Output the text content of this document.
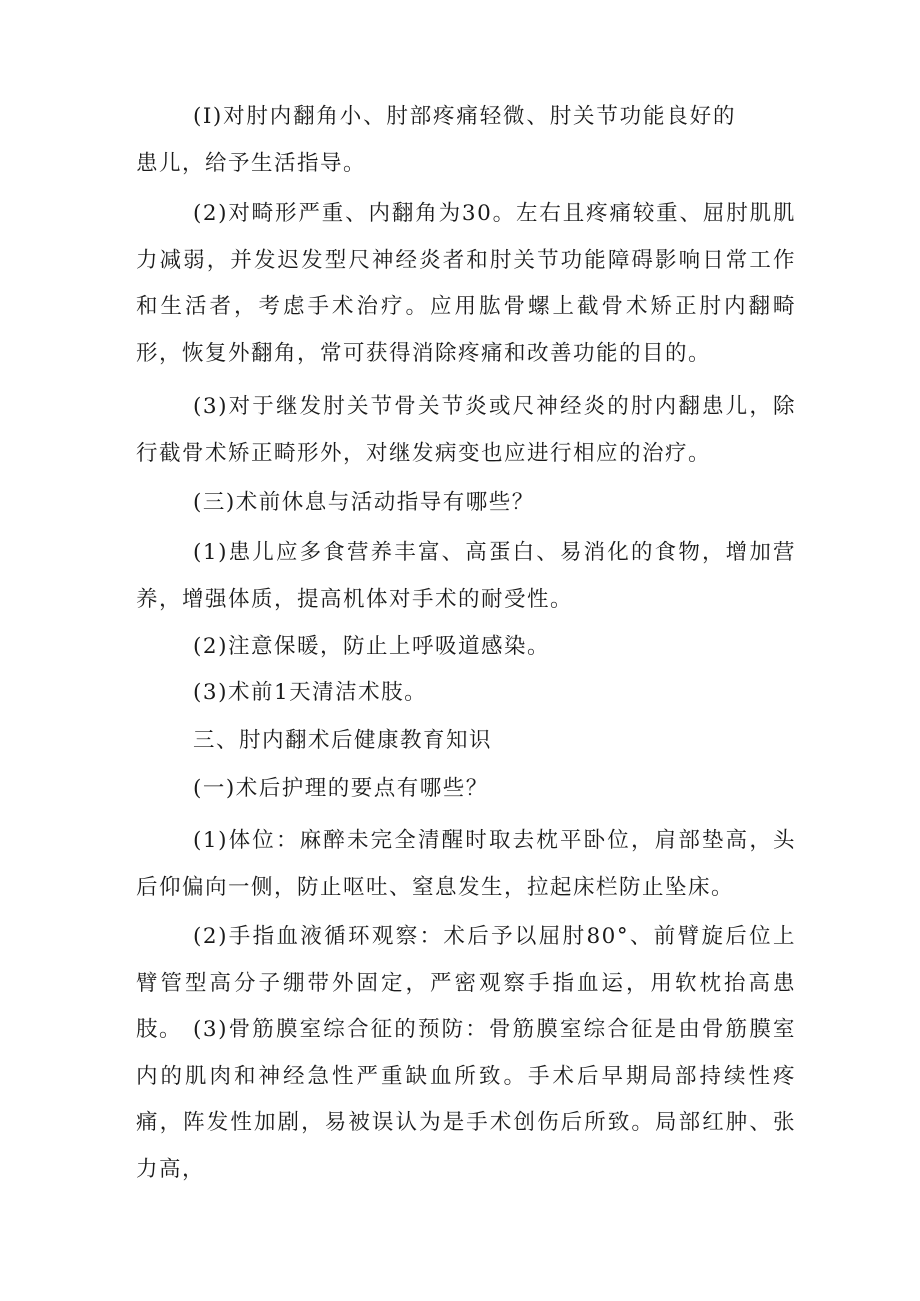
(I)对肘内翻角小、肘部疼痛轻微、肘关节功能良好的患儿，给予生活指导。

(2)对畸形严重、内翻角为30。左右且疼痛较重、屈肘肌肌力减弱，并发迟发型尺神经炎者和肘关节功能障碍影响日常工作和生活者，考虑手术治疗。应用肱骨螺上截骨术矫正肘内翻畸形，恢复外翻角，常可获得消除疼痛和改善功能的目的。

(3)对于继发肘关节骨关节炎或尺神经炎的肘内翻患儿，除行截骨术矫正畸形外，对继发病变也应进行相应的治疗。

(三)术前休息与活动指导有哪些？

(1)患儿应多食营养丰富、高蛋白、易消化的食物，增加营养，增强体质，提高机体对手术的耐受性。

(2)注意保暖，防止上呼吸道感染。

(3)术前1天清洁术肢。

三、肘内翻术后健康教育知识

(一)术后护理的要点有哪些？

(1)体位：麻醉未完全清醒时取去枕平卧位，肩部垫高，头后仰偏向一侧，防止呕吐、窒息发生，拉起床栏防止坠床。

(2)手指血液循环观察：术后予以屈肘80°、前臂旋后位上臂管型高分子绷带外固定，严密观察手指血运，用软枕抬高患肢。 (3)骨筋膜室综合征的预防：骨筋膜室综合征是由骨筋膜室内的肌肉和神经急性严重缺血所致。手术后早期局部持续性疼痛，阵发性加剧，易被误认为是手术创伤后所致。局部红肿、张力高，
